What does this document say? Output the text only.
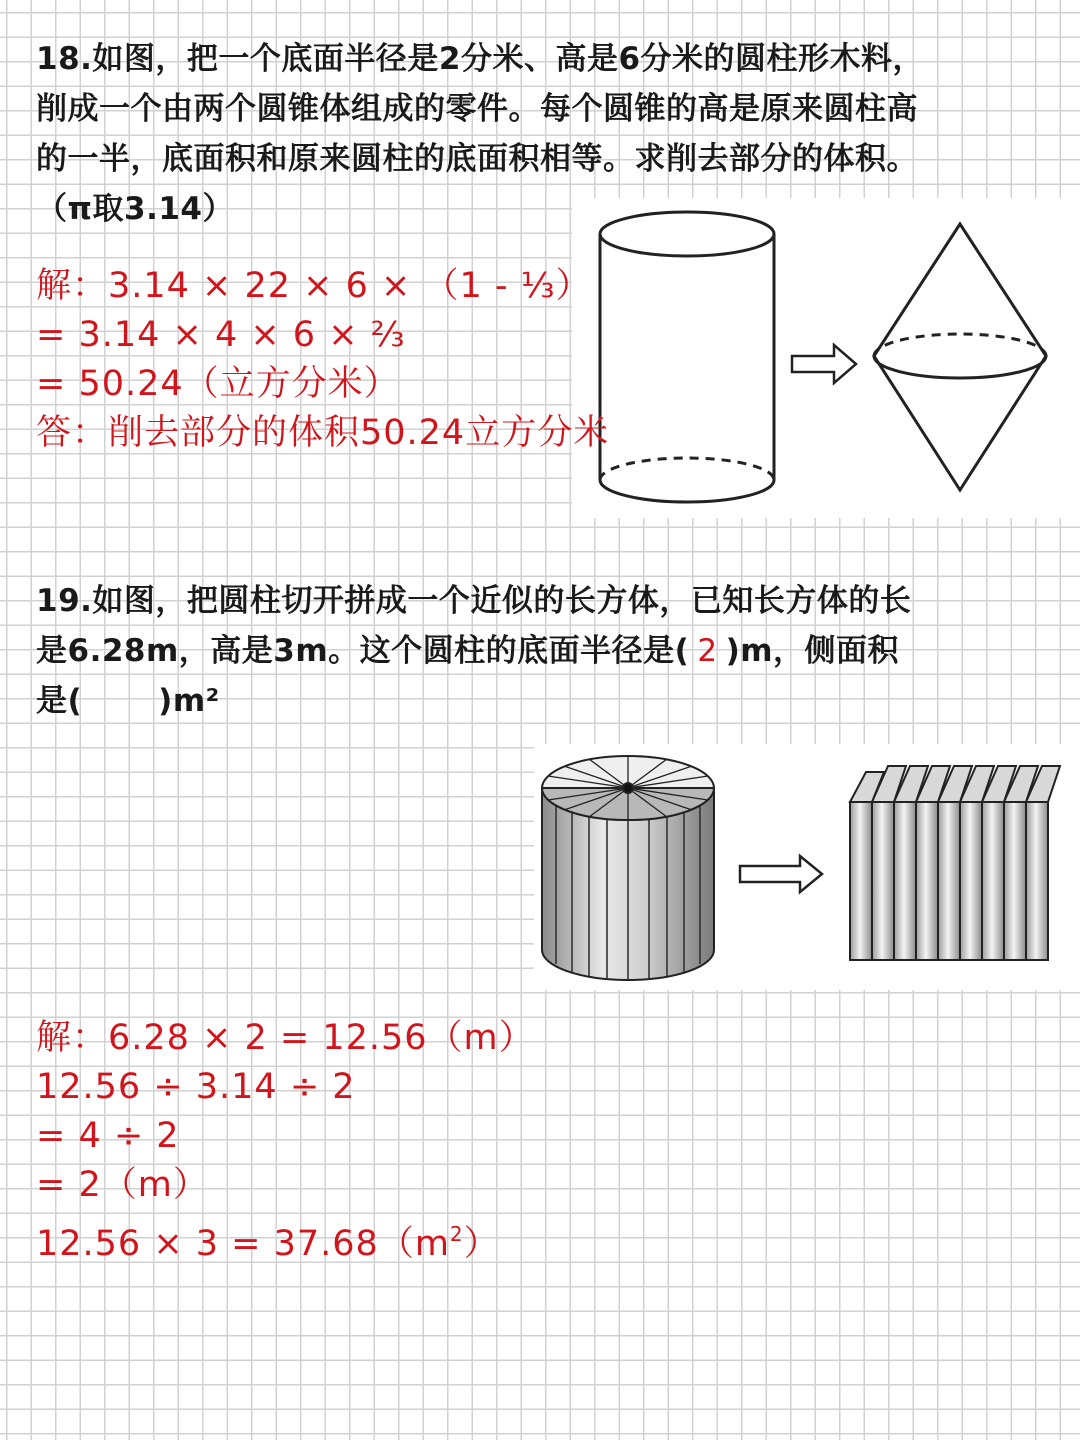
18.如图，把一个底面半径是2分米、高是6分米的圆柱形木料，

削成一个由两个圆锥体组成的零件。每个圆锥的高是原来圆柱高

的一半，底面积和原来圆柱的底面积相等。求削去部分的体积。

（π取3.14）

解：3.14 × 22 × 6 × （1 - ⅓）

= 3.14 × 4 × 6 × ⅔

= 50.24（立方分米）

答：削去部分的体积50.24立方分米

19.如图，把圆柱切开拼成一个近似的长方体，已知长方体的长

是6.28m，高是3m。这个圆柱的底面半径是( 2 )m，侧面积

是( )m²

解：6.28 × 2 = 12.56（m）

12.56 ÷ 3.14 ÷ 2

= 4 ÷ 2

= 2（m）

$12.56 \times 3 = 37.68(m^2)$
